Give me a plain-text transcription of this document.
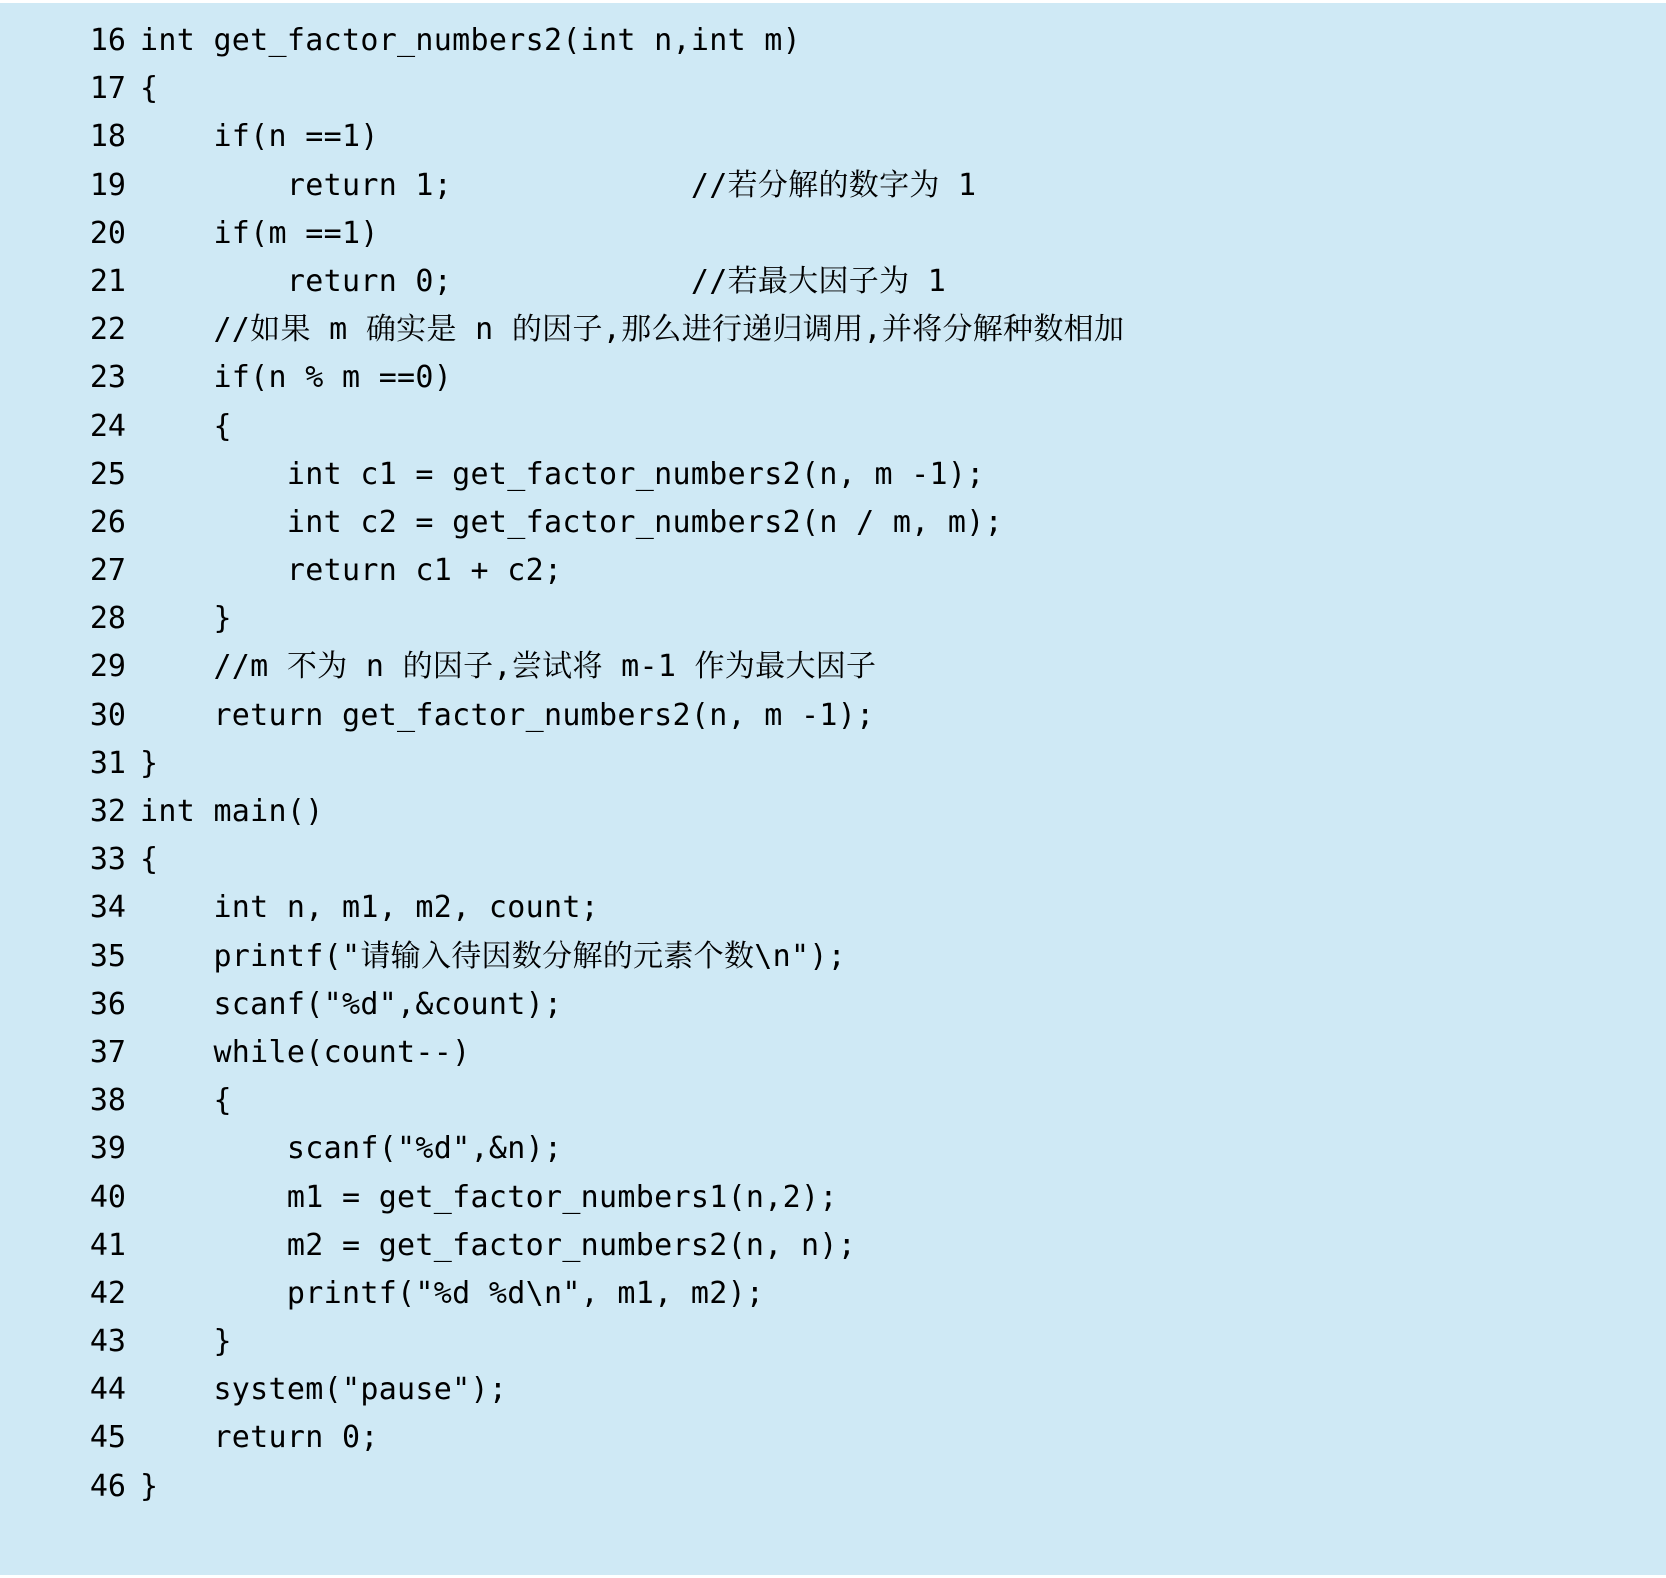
16 int get_factor_numbers2(int n,int m)
17 {
18 if(n ==1)
19 return 1;             //若分解的数字为 1
20 if(m ==1)
21 return 0;             //若最大因子为 1
22 //如果 m 确实是 n 的因子,那么进行递归调用,并将分解种数相加
23 if(n % m ==0)
24 {
25 int c1 = get_factor_numbers2(n, m -1);
26 int c2 = get_factor_numbers2(n / m, m);
27 return c1 + c2;
28 }
29 //m 不为 n 的因子,尝试将 m-1 作为最大因子
30 return get_factor_numbers2(n, m -1);
31 }
32 int main()
33 {
34 int n, m1, m2, count;
35 printf("请输入待因数分解的元素个数\n");
36 scanf("%d",&count);
37 while(count--)
38 {
39 scanf("%d",&n);
40 m1 = get_factor_numbers1(n,2);
41 m2 = get_factor_numbers2(n, n);
42 printf("%d %d\n", m1, m2);
43 }
44 system("pause");
45 return 0;
46 }
